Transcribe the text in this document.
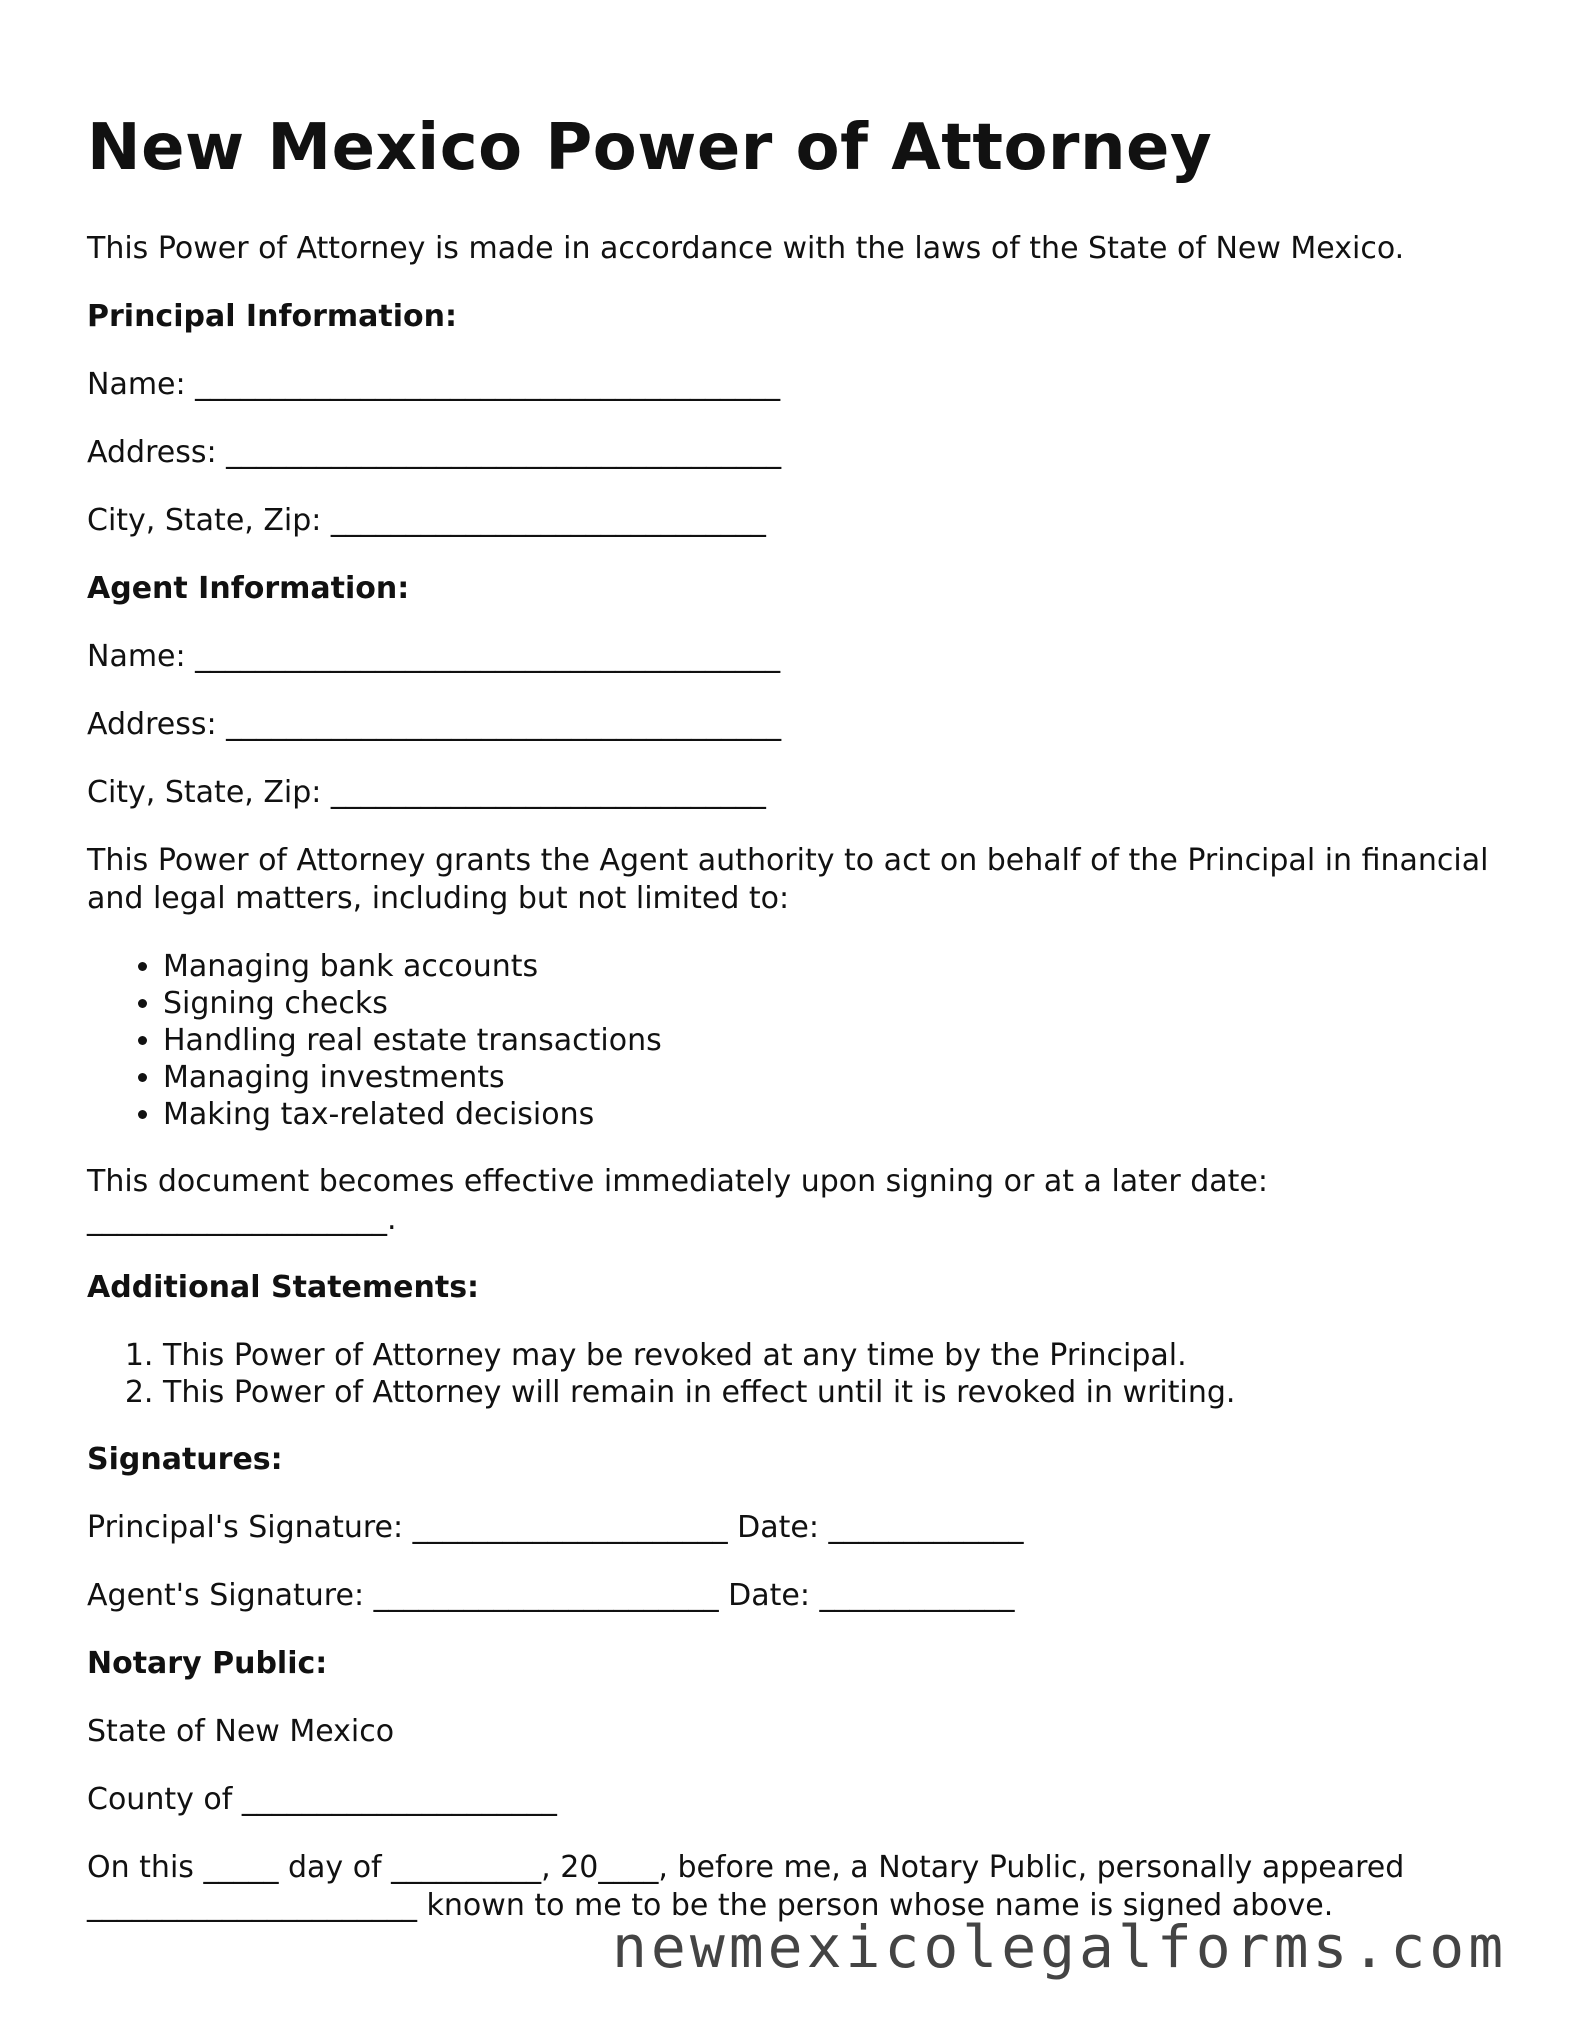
New Mexico Power of Attorney

This Power of Attorney is made in accordance with the laws of the State of New Mexico.

Principal Information:

Name: _______________________________________

Address: _____________________________________

City, State, Zip: _____________________________

Agent Information:

Name: _______________________________________

Address: _____________________________________

City, State, Zip: _____________________________

This Power of Attorney grants the Agent authority to act on behalf of the Principal in financial and legal matters, including but not limited to:

• Managing bank accounts
• Signing checks
• Handling real estate transactions
• Managing investments
• Making tax-related decisions

This document becomes effective immediately upon signing or at a later date: ____________________.

Additional Statements:

1. This Power of Attorney may be revoked at any time by the Principal.
2. This Power of Attorney will remain in effect until it is revoked in writing.

Signatures:

Principal's Signature: _____________________ Date: _____________

Agent's Signature: _______________________ Date: _____________

Notary Public:

State of New Mexico

County of _____________________

On this _____ day of __________, 20____, before me, a Notary Public, personally appeared ______________________ known to me to be the person whose name is signed above.

newmexicolegalforms.com
